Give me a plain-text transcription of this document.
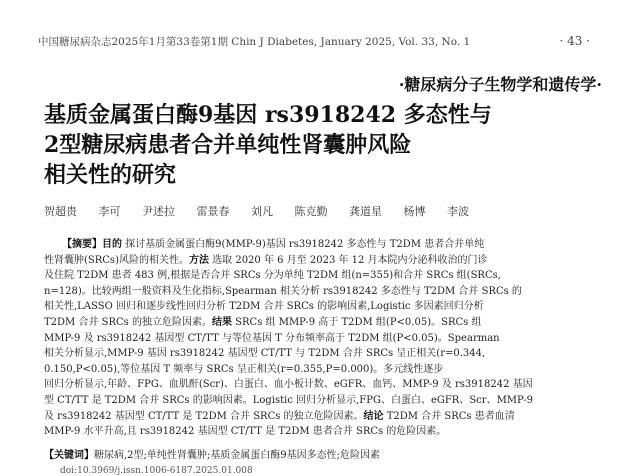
中国糖尿病杂志2025年1月第33卷第1期 Chin J Diabetes, January 2025, Vol. 33, No. 1	· 43 ·
·糖尿病分子生物学和遗传学·
基质金属蛋白酶9基因 rs3918242 多态性与
2型糖尿病患者合并单纯性肾囊肿风险
相关性的研究
贺超贵 李可 尹述拉 雷景春 刘凡 陈克勤 龚道星 杨博 李波
【摘要】目的 探讨基质金属蛋白酶9(MMP-9)基因 rs3918242 多态性与 T2DM 患者合并单纯
性肾囊肿(SRCs)风险的相关性。方法 选取 2020 年 6 月至 2023 年 12 月本院内分泌科收治的门诊
及住院 T2DM 患者 483 例,根据是否合并 SRCs 分为单纯 T2DM 组(n=355)和合并 SRCs 组(SRCs,
n=128)。比较两组一般资料及生化指标,Spearman 相关分析 rs3918242 多态性与 T2DM 合并 SRCs 的
相关性,LASSO 回归和逐步线性回归分析 T2DM 合并 SRCs 的影响因素,Logistic 多因素回归分析
T2DM 合并 SRCs 的独立危险因素。结果 SRCs 组 MMP-9 高于 T2DM 组(P<0.05)。SRCs 组
MMP-9 及 rs3918242 基因型 CT/TT 与等位基因 T 分布频率高于 T2DM 组(P<0.05)。Spearman
相关分析显示,MMP-9 基因 rs3918242 基因型 CT/TT 与 T2DM 合并 SRCs 呈正相关(r=0.344,
0.150,P<0.05),等位基因 T 频率与 SRCs 呈正相关(r=0.355,P=0.000)。多元线性逐步
回归分析显示,年龄、FPG、血肌酐(Scr)、白蛋白、血小板计数、eGFR、血钙、MMP-9 及 rs3918242 基因
型 CT/TT 是 T2DM 合并 SRCs 的影响因素。Logistic 回归分析显示,FPG、白蛋白、eGFR、Scr、MMP-9
及 rs3918242 基因型 CT/TT 是 T2DM 合并 SRCs 的独立危险因素。结论 T2DM 合并 SRCs 患者血清
MMP-9 水平升高,且 rs3918242 基因型 CT/TT 是 T2DM 患者合并 SRCs 的危险因素。
【关键词】糖尿病,2型;单纯性肾囊肿;基质金属蛋白酶9基因多态性;危险因素
doi:10.3969/j.issn.1006-6187.2025.01.008
